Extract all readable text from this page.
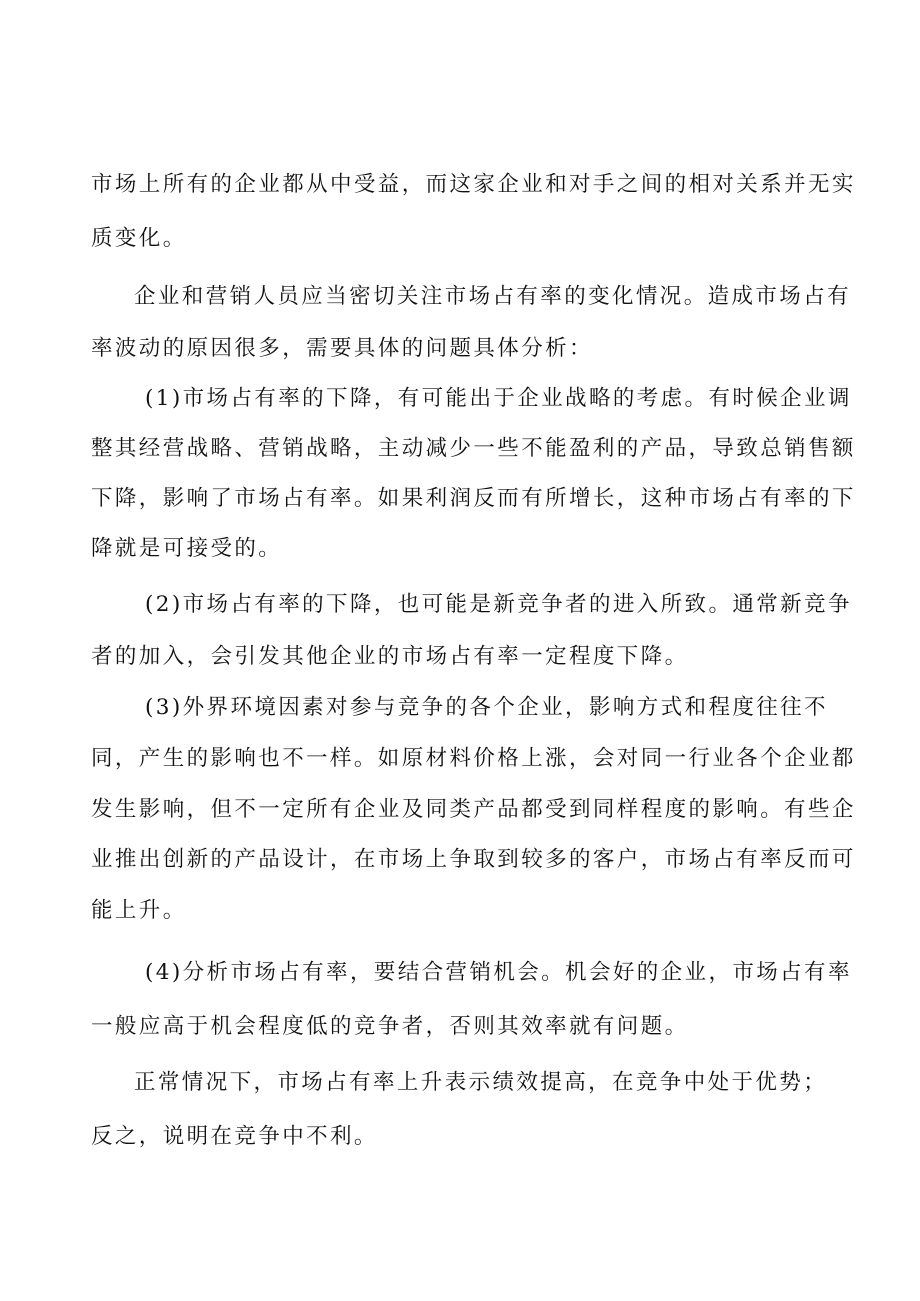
市场上所有的企业都从中受益，而这家企业和对手之间的相对关系并无实
质变化。
企业和营销人员应当密切关注市场占有率的变化情况。造成市场占有
率波动的原因很多，需要具体的问题具体分析：
(1)市场占有率的下降，有可能出于企业战略的考虑。有时候企业调
整其经营战略、营销战略，主动减少一些不能盈利的产品，导致总销售额
下降，影响了市场占有率。如果利润反而有所增长，这种市场占有率的下
降就是可接受的。
(2)市场占有率的下降，也可能是新竞争者的进入所致。通常新竞争
者的加入，会引发其他企业的市场占有率一定程度下降。
(3)外界环境因素对参与竞争的各个企业，影响方式和程度往往不
同，产生的影响也不一样。如原材料价格上涨，会对同一行业各个企业都
发生影响，但不一定所有企业及同类产品都受到同样程度的影响。有些企
业推出创新的产品设计，在市场上争取到较多的客户，市场占有率反而可
能上升。
(4)分析市场占有率，要结合营销机会。机会好的企业，市场占有率
一般应高于机会程度低的竞争者，否则其效率就有问题。
正常情况下，市场占有率上升表示绩效提高，在竞争中处于优势；
反之，说明在竞争中不利。
